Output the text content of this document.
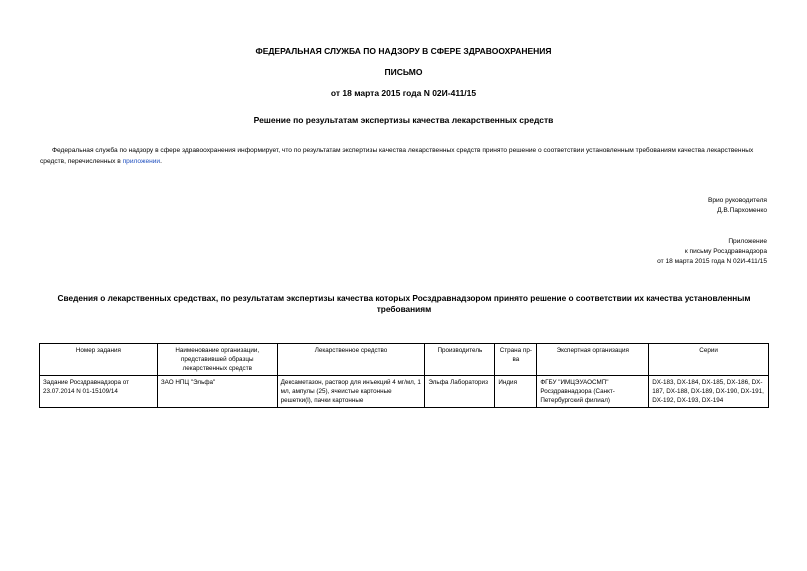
ФЕДЕРАЛЬНАЯ СЛУЖБА ПО НАДЗОРУ В СФЕРЕ ЗДРАВООХРАНЕНИЯ
ПИСЬМО
от 18 марта 2015 года N 02И-411/15
Решение по результатам экспертизы качества лекарственных средств
Федеральная служба по надзору в сфере здравоохранения информирует, что по результатам экспертизы качества лекарственных средств принято решение о соответствии установленным требованиям качества лекарственных средств, перечисленных в приложении.
Врио руководителя
Д.В.Пархоменко
Приложение
к письму Росздравнадзора
от 18 марта 2015 года N 02И-411/15
Сведения о лекарственных средствах, по результатам экспертизы качества которых Росздравнадзором принято решение о соответствии их качества установленным требованиям
Номер задания	Наименование организации, представившей образцы лекарственных средств	Лекарственное средство	Производитель	Страна пр-ва	Экспертная организация	Серии
Задание Росздравнадзора от 23.07.2014 N 01-15109/14	ЗАО НПЦ "Эльфа"	Дексаметазон, раствор для инъекций 4 мг/мл, 1 мл, ампулы (25), ячеистые картонные решетки(l), пачки картонные	Эльфа Лабораториз	Индия	ФГБУ "ИМЦЭУАОСМП" Росздравнадзора (Санкт-Петербургский филиал)	DX-183, DX-184, DX-185, DX-186, DX-187, DX-188, DX-189, DX-190, DX-191, DX-192, DX-193, DX-194
